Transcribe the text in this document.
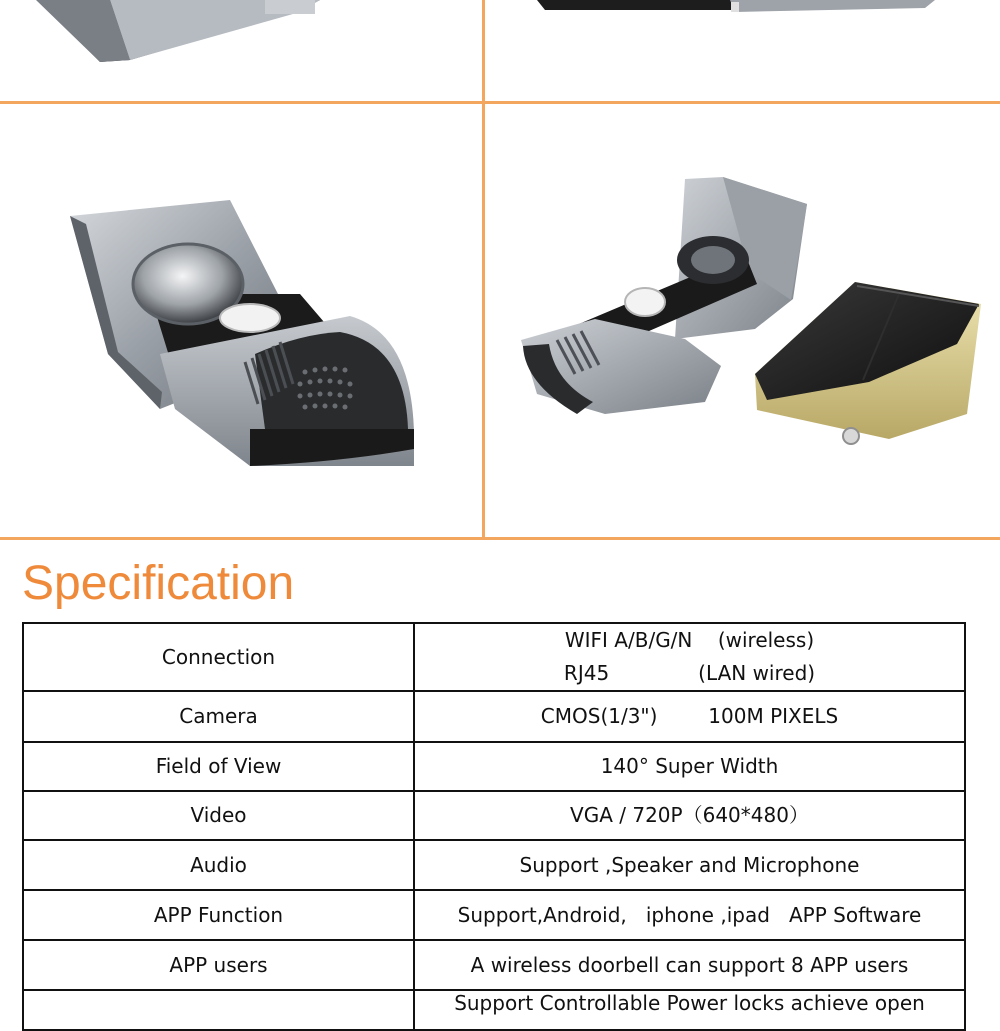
Specification
Connection	WIFI A/B/G/N    (wireless)
RJ45              (LAN wired)

Camera	CMOS(1/3")        100M PIXELS
Field of View	140° Super Width
Video	VGA / 720P（640*480）
Audio	Support ,Speaker and Microphone
APP Function	Support,Android,   iphone ,ipad   APP Software
APP users	A wireless doorbell can support 8 APP users
	Support Controllable Power locks achieve open
